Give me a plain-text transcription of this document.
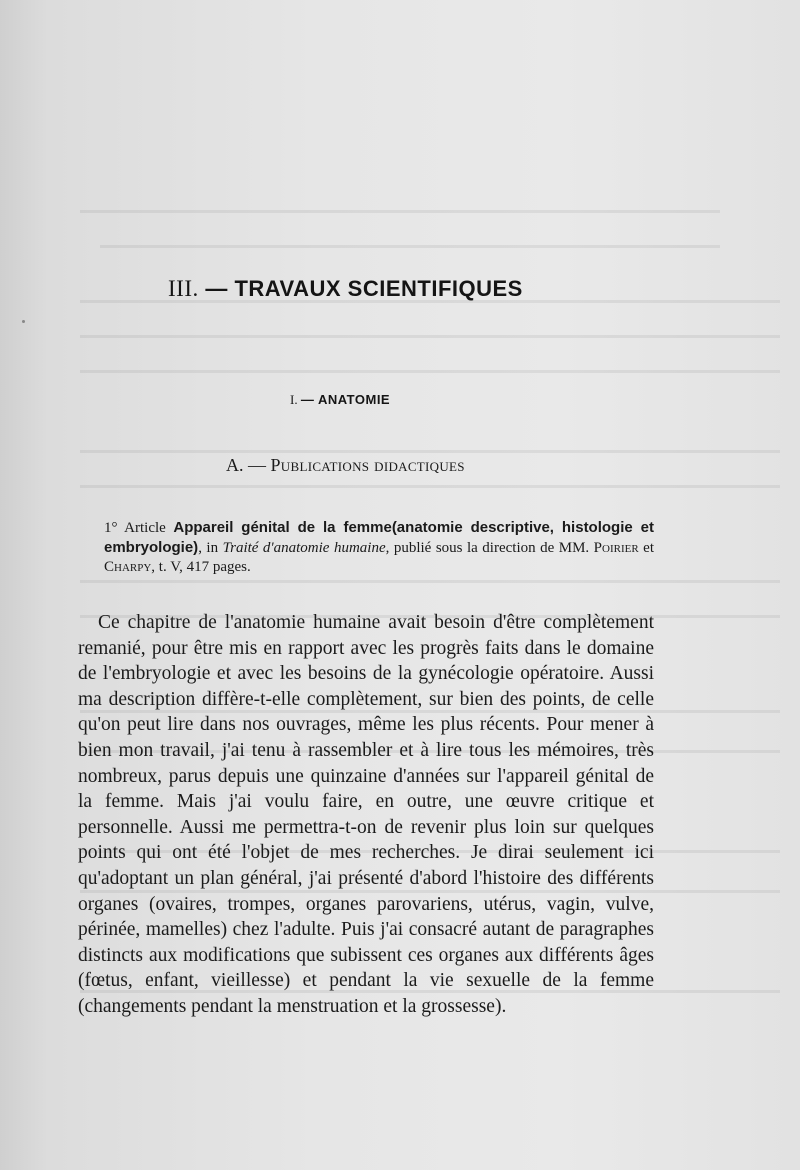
III. — TRAVAUX SCIENTIFIQUES
I. — ANATOMIE
A. — Publications didactiques
1° Article Appareil génital de la femme(anatomie descriptive, histologie et embryologie), in Traité d'anatomie humaine, publié sous la direction de MM. Poirier et Charpy, t. V, 417 pages.

Ce chapitre de l'anatomie humaine avait besoin d'être complètement remanié, pour être mis en rapport avec les progrès faits dans le domaine de l'embryologie et avec les besoins de la gynécologie opératoire. Aussi ma description diffère-t-elle complètement, sur bien des points, de celle qu'on peut lire dans nos ouvrages, même les plus récents. Pour mener à bien mon travail, j'ai tenu à rassembler et à lire tous les mémoires, très nombreux, parus depuis une quinzaine d'années sur l'appareil génital de la femme. Mais j'ai voulu faire, en outre, une œuvre critique et personnelle. Aussi me permettra-t-on de revenir plus loin sur quelques points qui ont été l'objet de mes recherches. Je dirai seulement ici qu'adoptant un plan général, j'ai présenté d'abord l'histoire des différents organes (ovaires, trompes, organes parovariens, utérus, vagin, vulve, périnée, mamelles) chez l'adulte. Puis j'ai consacré autant de paragraphes distincts aux modifications que subissent ces organes aux différents âges (fœtus, enfant, vieillesse) et pendant la vie sexuelle de la femme (changements pendant la menstruation et la grossesse).
